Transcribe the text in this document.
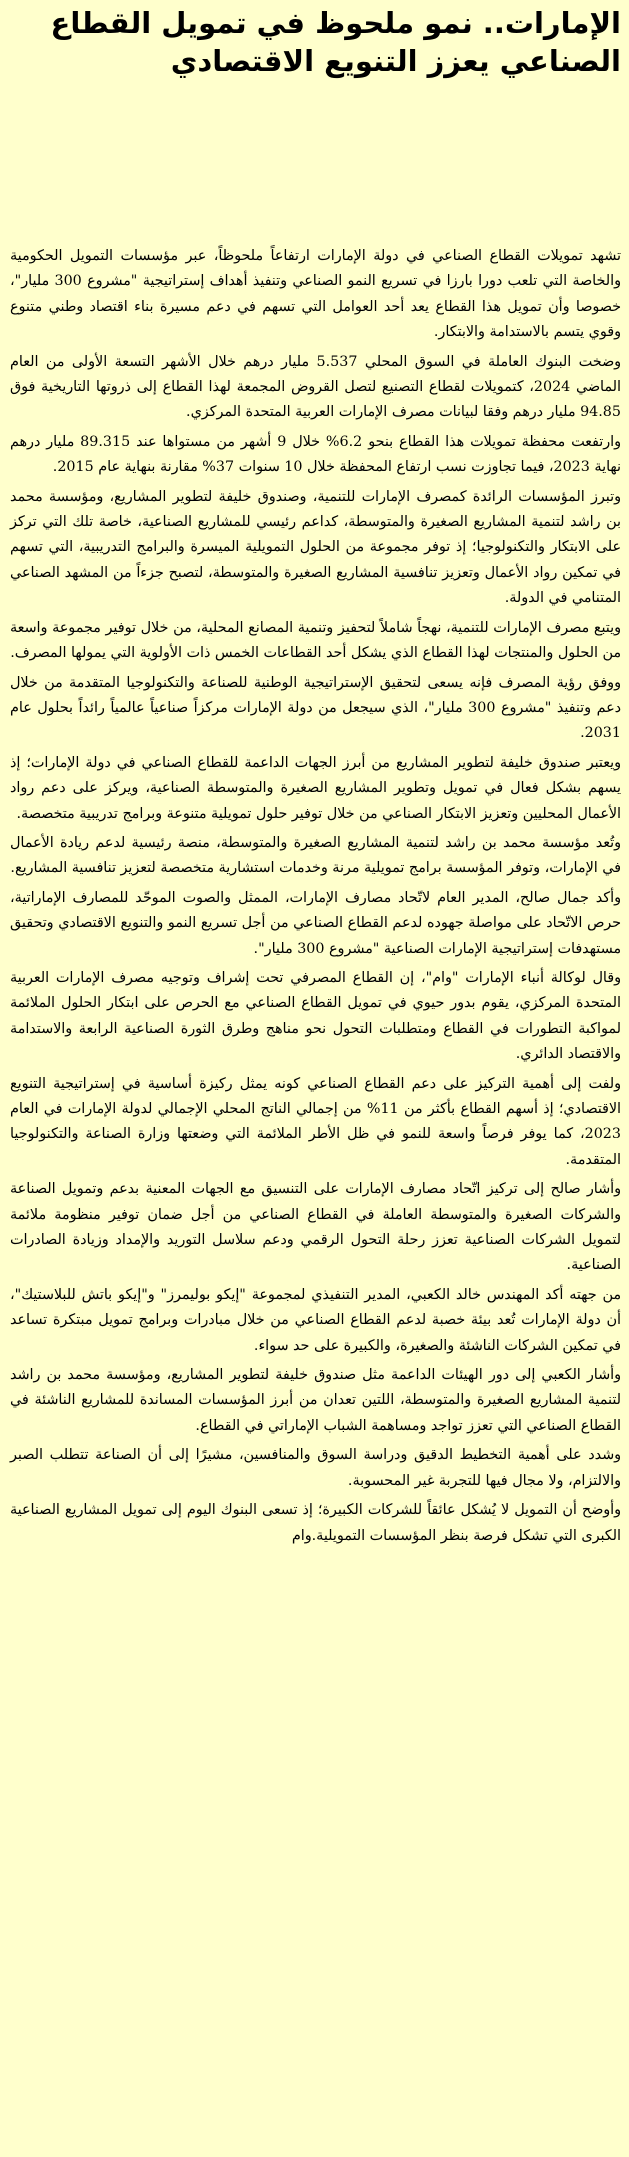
الإمارات.. نمو ملحوظ في تمويل القطاع
الصناعي يعزز التنويع الاقتصادي

تشهد تمويلات القطاع الصناعي في دولة الإمارات ارتفاعاً ملحوظاً، عبر مؤسسات التمويل الحكومية والخاصة التي تلعب دورا بارزا في تسريع النمو الصناعي وتنفيذ أهداف إستراتيجية "مشروع 300 مليار"، خصوصا وأن تمويل هذا القطاع يعد أحد العوامل التي تسهم في دعم مسيرة بناء اقتصاد وطني متنوع وقوي يتسم بالاستدامة والابتكار.

وضخت البنوك العاملة في السوق المحلي 5.537 مليار درهم خلال الأشهر التسعة الأولى من العام الماضي 2024، كتمويلات لقطاع التصنيع لتصل القروض المجمعة لهذا القطاع إلى ذروتها التاريخية فوق 94.85 مليار درهم وفقا لبيانات مصرف الإمارات العربية المتحدة المركزي.

وارتفعت محفظة تمويلات هذا القطاع بنحو 6.2% خلال 9 أشهر من مستواها عند 89.315 مليار درهم نهاية 2023، فيما تجاوزت نسب ارتفاع المحفظة خلال 10 سنوات 37% مقارنة بنهاية عام 2015.

وتبرز المؤسسات الرائدة كمصرف الإمارات للتنمية، وصندوق خليفة لتطوير المشاريع، ومؤسسة محمد بن راشد لتنمية المشاريع الصغيرة والمتوسطة، كداعم رئيسي للمشاريع الصناعية، خاصة تلك التي تركز على الابتكار والتكنولوجيا؛ إذ توفر مجموعة من الحلول التمويلية الميسرة والبرامج التدريبية، التي تسهم في تمكين رواد الأعمال وتعزيز تنافسية المشاريع الصغيرة والمتوسطة، لتصبح جزءاً من المشهد الصناعي المتنامي في الدولة.

ويتبع مصرف الإمارات للتنمية، نهجاً شاملاً لتحفيز وتنمية المصانع المحلية، من خلال توفير مجموعة واسعة من الحلول والمنتجات لهذا القطاع الذي يشكل أحد القطاعات الخمس ذات الأولوية التي يمولها المصرف.

ووفق رؤية المصرف فإنه يسعى لتحقيق الإستراتيجية الوطنية للصناعة والتكنولوجيا المتقدمة من خلال دعم وتنفيذ "مشروع 300 مليار"، الذي سيجعل من دولة الإمارات مركزاً صناعياً عالمياً رائداً بحلول عام 2031.

ويعتبر صندوق خليفة لتطوير المشاريع من أبرز الجهات الداعمة للقطاع الصناعي في دولة الإمارات؛ إذ يسهم بشكل فعال في تمويل وتطوير المشاريع الصغيرة والمتوسطة الصناعية، ويركز على دعم رواد الأعمال المحليين وتعزيز الابتكار الصناعي من خلال توفير حلول تمويلية متنوعة وبرامج تدريبية متخصصة.

وتُعد مؤسسة محمد بن راشد لتنمية المشاريع الصغيرة والمتوسطة، منصة رئيسية لدعم ريادة الأعمال في الإمارات، وتوفر المؤسسة برامج تمويلية مرنة وخدمات استشارية متخصصة لتعزيز تنافسية المشاريع.

وأكد جمال صالح، المدير العام لاتّحاد مصارف الإمارات، الممثل والصوت الموحّد للمصارف الإماراتية، حرص الاتّحاد على مواصلة جهوده لدعم القطاع الصناعي من أجل تسريع النمو والتنويع الاقتصادي وتحقيق مستهدفات إستراتيجية الإمارات الصناعية "مشروع 300 مليار".

وقال لوكالة أنباء الإمارات "وام"، إن القطاع المصرفي تحت إشراف وتوجيه مصرف الإمارات العربية المتحدة المركزي، يقوم بدور حيوي في تمويل القطاع الصناعي مع الحرص على ابتكار الحلول الملائمة لمواكبة التطورات في القطاع ومتطلبات التحول نحو مناهج وطرق الثورة الصناعية الرابعة والاستدامة والاقتصاد الدائري.

ولفت إلى أهمية التركيز على دعم القطاع الصناعي كونه يمثل ركيزة أساسية في إستراتيجية التنويع الاقتصادي؛ إذ أسهم القطاع بأكثر من 11% من إجمالي الناتج المحلي الإجمالي لدولة الإمارات في العام 2023، كما يوفر فرصاً واسعة للنمو في ظل الأطر الملائمة التي وضعتها وزارة الصناعة والتكنولوجيا المتقدمة.

وأشار صالح إلى تركيز اتّحاد مصارف الإمارات على التنسيق مع الجهات المعنية بدعم وتمويل الصناعة والشركات الصغيرة والمتوسطة العاملة في القطاع الصناعي من أجل ضمان توفير منظومة ملائمة لتمويل الشركات الصناعية تعزز رحلة التحول الرقمي ودعم سلاسل التوريد والإمداد وزيادة الصادرات الصناعية.

من جهته أكد المهندس خالد الكعبي، المدير التنفيذي لمجموعة "إيكو بوليمرز" و"إيكو باتش للبلاستيك"، أن دولة الإمارات تُعد بيئة خصبة لدعم القطاع الصناعي من خلال مبادرات وبرامج تمويل مبتكرة تساعد في تمكين الشركات الناشئة والصغيرة، والكبيرة على حد سواء.

وأشار الكعبي إلى دور الهيئات الداعمة مثل صندوق خليفة لتطوير المشاريع، ومؤسسة محمد بن راشد لتنمية المشاريع الصغيرة والمتوسطة، اللتين تعدان من أبرز المؤسسات المساندة للمشاريع الناشئة في القطاع الصناعي التي تعزز تواجد ومساهمة الشباب الإماراتي في القطاع.

وشدد على أهمية التخطيط الدقيق ودراسة السوق والمنافسين، مشيرًا إلى أن الصناعة تتطلب الصبر والالتزام، ولا مجال فيها للتجربة غير المحسوبة.

وأوضح أن التمويل لا يُشكل عائقاً للشركات الكبيرة؛ إذ تسعى البنوك اليوم إلى تمويل المشاريع الصناعية الكبرى التي تشكل فرصة بنظر المؤسسات التمويلية.وام
